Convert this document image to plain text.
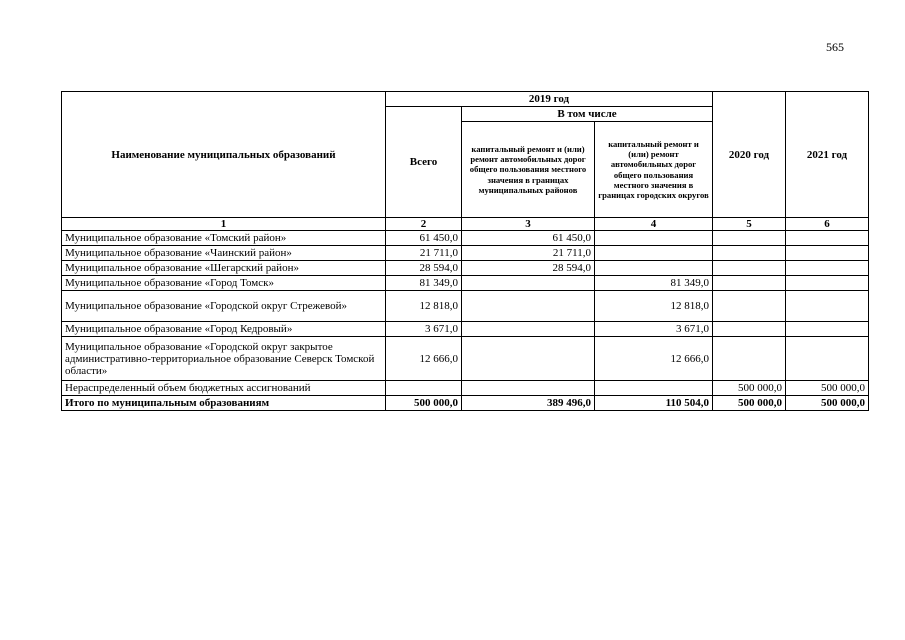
565
Наименование муниципальных образований	2019 год			2020 год	2021 год
	Всего	В том числе			
		капитальный ремонт и (или) ремонт автомобильных дорог общего пользования местного значения в границах муниципальных районов	капитальный ремонт и (или) ремонт автомобильных дорог общего пользования местного значения в границах городских округов		
1	2	3	4	5	6
Муниципальное образование «Томский район»	61 450,0	61 450,0			
Муниципальное образование «Чаинский район»	21 711,0	21 711,0			
Муниципальное образование «Шегарский район»	28 594,0	28 594,0			
Муниципальное образование «Город Томск»	81 349,0		81 349,0		
Муниципальное образование «Городской округ Стрежевой»	12 818,0		12 818,0		
Муниципальное образование «Город Кедровый»	3 671,0		3 671,0		
Муниципальное образование «Городской округ закрытое административно-территориальное образование Северск Томской области»	12 666,0		12 666,0		
Нераспределенный объем бюджетных ассигнований				500 000,0	500 000,0
Итого по муниципальным образованиям	500 000,0	389 496,0	110 504,0	500 000,0	500 000,0
